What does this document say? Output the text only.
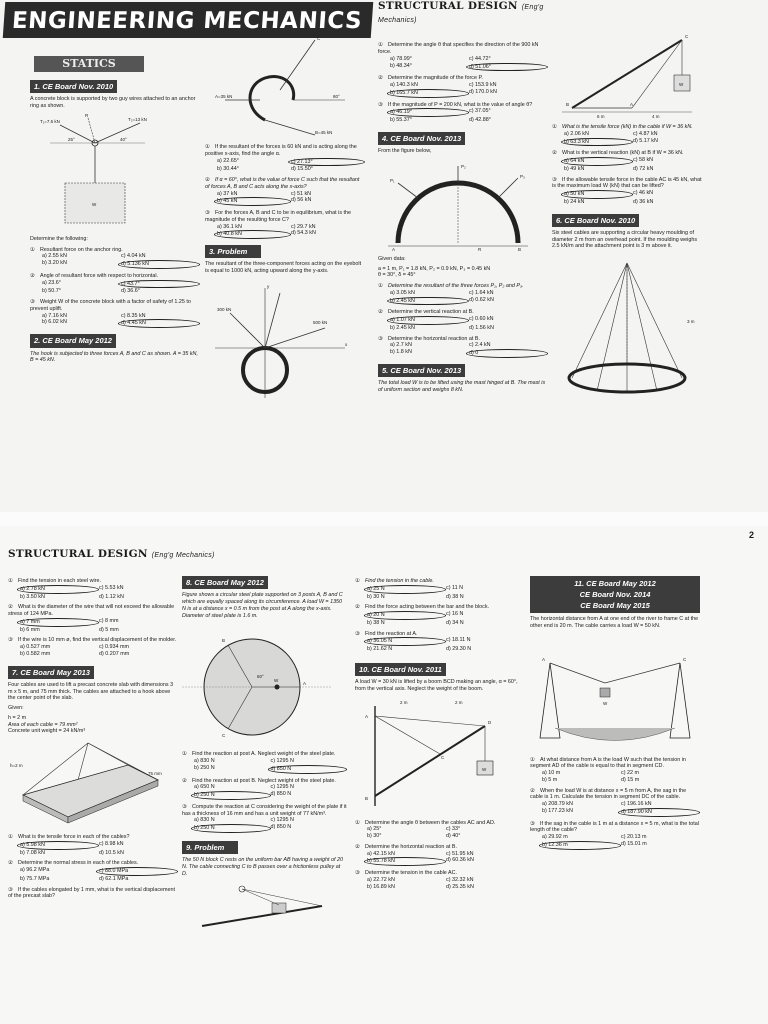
ENGINEERING MECHANICS
STATICS
1. CE Board Nov. 2010
A concrete block is supported by two guy wires attached to an anchor ring as shown.
R
T₁=7.5 kN	T₂=13 kN
25°	40°
W
Determine the following:
① Resultant force on the anchor ring.
a) 2.55 kN	c) 4.04 kN
b) 3.20 kN	d) 5.136 kN
② Angle of resultant force with respect to horizontal.
a) 23.6°	c) 43.7°
b) 50.7°	d) 36.6°
③ Weight W of the concrete block with a factor of safety of 1.25 to prevent uplift.
a) 7.16 kN	c) 8.35 kN
b) 6.02 kN	d) 4.45 kN
2. CE Board May 2012
The hook is subjected to three forces A, B and C as shown. A = 35 kN, B = 45 kN.
A=35 kN
B=45 kN
C
80°
① If the resultant of the forces is 60 kN and is acting along the positive x-axis, find the angle α.
a) 22.65°	c) 27.13°
b) 30.44°	d) 15.50°
② If α = 60°, what is the value of force C such that the resultant of forces A, B and C acts along the x-axis?
a) 37 kN	c) 51 kN
b) 45 kN	d) 56 kN
③ For the forces A, B and C to be in equilibrium, what is the magnitude of the resulting force C?
a) 36.1 kN	c) 29.7 kN
b) 40.8 kN	d) 54.3 kN
3. Problem
The resultant of the three-component forces acting on the eyebolt is equal to 1000 kN, acting upward along the y-axis.
300 kN
500 kN
x
y
STRUCTURAL DESIGN (Eng'g Mechanics)
① Determine the angle θ that specifies the direction of the 900 kN force.
a) 78.99°	c) 44.72°
b) 48.34°	d) 51.06°
② Determine the magnitude of the force P.
a) 140.3 kN	c) 153.9 kN
b) 165.7 kN	d) 170.0 kN
③ If the magnitude of P = 200 kN, what is the value of angle θ?
a) 46.19°	c) 37.05°
b) 55.37°	d) 42.88°
4. CE Board Nov. 2013
From the figure below,
A	B
P₁
P₂
P₃
R
Given data:
a = 1 m, P₁ = 1.8 kN, P₂ = 0.9 kN, P₃ = 0.45 kN
θ = 30°, δ = 45°
① Determine the resultant of the three forces P₁, P₂ and P₃.
a) 3.05 kN	c) 1.64 kN
b) 2.45 kN	d) 0.62 kN
② Determine the vertical reaction at B.
a) 1.07 kN	c) 0.60 kN
b) 2.45 kN	d) 1.56 kN
③ Determine the horizontal reaction at B.
a) 2.7 kN	c) 2.4 kN
b) 1.8 kN	d) 0
5. CE Board Nov. 2013
The total load W is to be lifted using the mast hinged at B. The mast is of uniform section and weighs 8 kN.
C
B	A
W
6 m	4 m
① What is the tensile force (kN) in the cable if W = 36 kN.
a) 2.06 kN	c) 4.87 kN
b) 63.3 kN	d) 5.17 kN
② What is the vertical reaction (kN) at B if W = 36 kN.
a) 64 kN	c) 58 kN
b) 49 kN	d) 72 kN
③ If the allowable tensile force in the cable AC is 45 kN, what is the maximum load W (kN) that can be lifted?
a) 50 kN	c) 46 kN
b) 24 kN	d) 36 kN
6. CE Board Nov. 2010
Six steel cables are supporting a circular heavy moulding of diameter 2 m from an overhead point. If the moulding weighs 2.5 kN/m and the attachment point is 3 m above it.
3 m
STRUCTURAL DESIGN (Eng'g Mechanics)
2
① Find the tension in each steel wire.
a) 2.78 kN	c) 5.53 kN
b) 3.50 kN	d) 1.12 kN
② What is the diameter of the wire that will not exceed the allowable stress of 124 MPa.
a) 7 mm	c) 8 mm
b) 6 mm	d) 5 mm
③ If the wire is 10 mm ø, find the vertical displacement of the molder.
a) 0.527 mm	c) 0.934 mm
b) 0.582 mm	d) 0.207 mm
7. CE Board May 2013
Four cables are used to lift a precast concrete slab with dimensions 3 m x 5 m, and 75 mm thick. The cables are attached to a hook above the center point of the slab.
Given:
h = 2 m
Area of each cable = 79 mm²
Concrete unit weight = 24 kN/m³
h=2 m
75 mm
① What is the tensile force in each of the cables?
a) 5.98 kN	c) 8.98 kN
b) 7.08 kN	d) 10.5 kN
② Determine the normal stress in each of the cables.
a) 96.2 MPa	c) 88.0 MPa
b) 75.7 MPa	d) 62.1 MPa
③ If the cables elongated by 1 mm, what is the vertical displacement of the precast slab?
8. CE Board May 2012
Figure shows a circular steel plate supported on 3 posts A, B and C which are equally spaced along its circumference. A load W = 1350 N is at a distance x = 0.5 m from the post at A along the x-axis. Diameter of steel plate is 1.6 m.
A
B
C
W
60°
① Find the reaction at post A. Neglect weight of the steel plate.
a) 830 N	c) 1295 N
b) 250 N	d) 850 N
② Find the reaction at post B. Neglect weight of the steel plate.
a) 650 N	c) 1295 N
b) 250 N	d) 850 N
③ Compute the reaction at C considering the weight of the plate if it has a thickness of 16 mm and has a unit weight of 77 kN/m³.
a) 830 N	c) 1295 N
b) 250 N	d) 850 N
9. Problem
The 50 N block C rests on the uniform bar AB having a weight of 20 N. The cable connecting C to B passes over a frictionless pulley at D.
① Find the tension in the cable.
a) 25 N	c) 11 N
b) 30 N	d) 38 N
② Find the force acting between the bar and the block.
a) 20 N	c) 16 N
b) 38 N	d) 34 N
③ Find the reaction at A.
a) 36.05 N	c) 18.11 N
b) 21.62 N	d) 29.30 N
10. CE Board Nov. 2011
A load W = 30 kN is lifted by a boom BCD making an angle, α = 60°, from the vertical axis. Neglect the weight of the boom.
A
B
C
D
W
2 m	2 m
① Determine the angle θ between the cables AC and AD.
a) 25°	c) 33°
b) 30°	d) 40°
② Determine the horizontal reaction at B.
a) 42.15 kN	c) 51.95 kN
b) 55.78 kN	d) 60.36 kN
③ Determine the tension in the cable AC.
a) 22.72 kN	c) 32.32 kN
b) 16.89 kN	d) 25.35 kN
11. CE Board May 2012
CE Board Nov. 2014
CE Board May 2015
The horizontal distance from A at one end of the river to frame C at the other end is 20 m. The cable carries a load W = 50 kN.
A	C
W
① At what distance from A is the load W such that the tension in segment AD of the cable is equal to that in segment CD.
a) 10 m	c) 22 m
b) 5 m	d) 15 m
② When the load W is at distance x = 5 m from A, the sag in the cable is 1 m. Calculate the tension in segment DC of the cable.
a) 208.79 kN	c) 196.16 kN
b) 177.23 kN	d) 187.90 kN
③ If the sag in the cable is 1 m at a distance x = 5 m, what is the total length of the cable?
a) 29.92 m	c) 20.13 m
b) 12.36 m	d) 15.01 m
